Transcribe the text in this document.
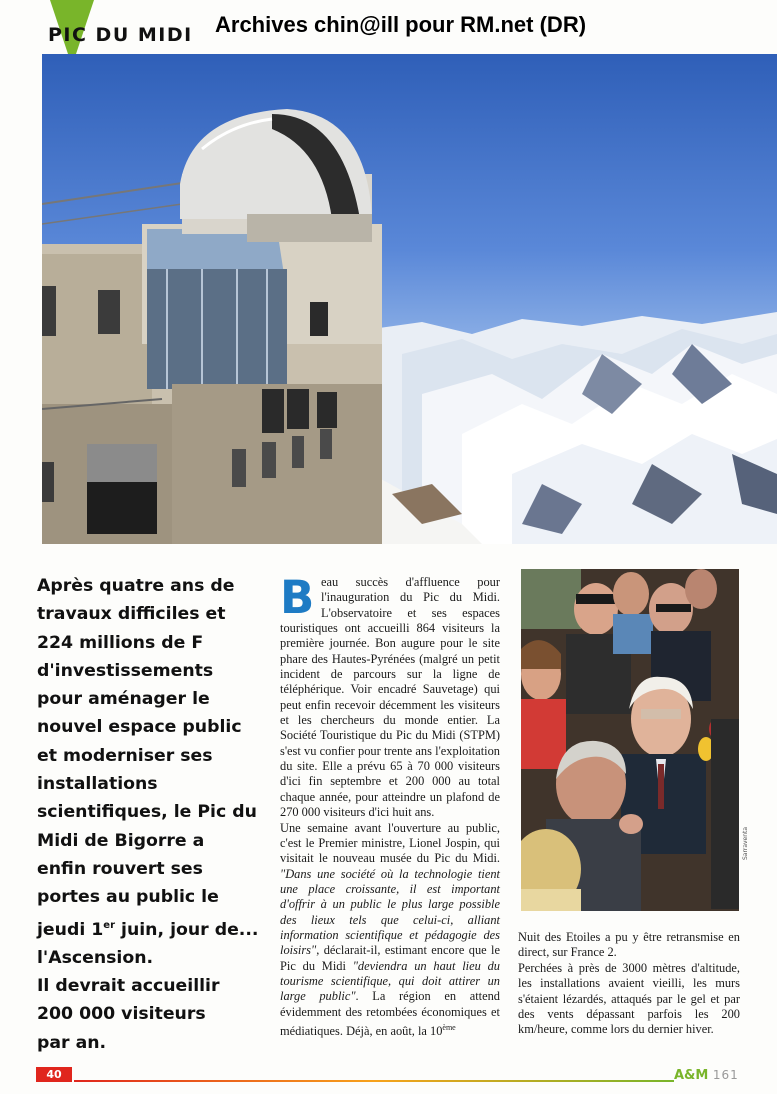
PIC DU MIDI Archives chin@ill pour RM.net (DR)

Après quatre ans de

travaux difficiles et

224 millions de F

d'investissements

pour aménager le

nouvel espace public

et moderniser ses

installations

scientifiques, le Pic du

Midi de Bigorre a

enfin rouvert ses

portes au public le

jeudi 1er juin, jour de...

l'Ascension.

Il devrait accueillir

200 000 visiteurs

par an.

Beau succès d'affluence pour l'inauguration du Pic du Midi. L'observatoire et ses espaces touristiques ont accueilli 864 visiteurs la première journée. Bon augure pour le site phare des Hautes-Pyrénées (malgré un petit incident de parcours sur la ligne de téléphérique. Voir encadré Sauvetage) qui peut enfin recevoir décemment les visiteurs et les chercheurs du monde entier. La Société Touristique du Pic du Midi (STPM) s'est vu confier pour trente ans l'exploitation du site. Elle a prévu 65 à 70 000 visiteurs d'ici fin septembre et 200 000 au total chaque année, pour atteindre un plafond de 270 000 visiteurs d'ici huit ans.

Une semaine avant l'ouverture au public, c'est le Premier ministre, Lionel Jospin, qui visitait le nouveau musée du Pic du Midi. "Dans une société où la technologie tient une place croissante, il est important d'offrir à un public le plus large possible des lieux tels que celui-ci, alliant information scientifique et pédagogie des loisirs", déclarait-il, estimant encore que le Pic du Midi "deviendra un haut lieu du tourisme scientifique, qui doit attirer un large public". La région en attend évidemment des retombées économiques et médiatiques. Déjà, en août, la 10ème

Sarraventa

Nuit des Etoiles a pu y être retransmise en direct, sur France 2.

Perchées à près de 3000 mètres d'altitude, les installations avaient vieilli, les murs s'étaient lézardés, attaqués par le gel et par des vents dépassant parfois les 200 km/heure, comme lors du dernier hiver.

40	A&M 161
